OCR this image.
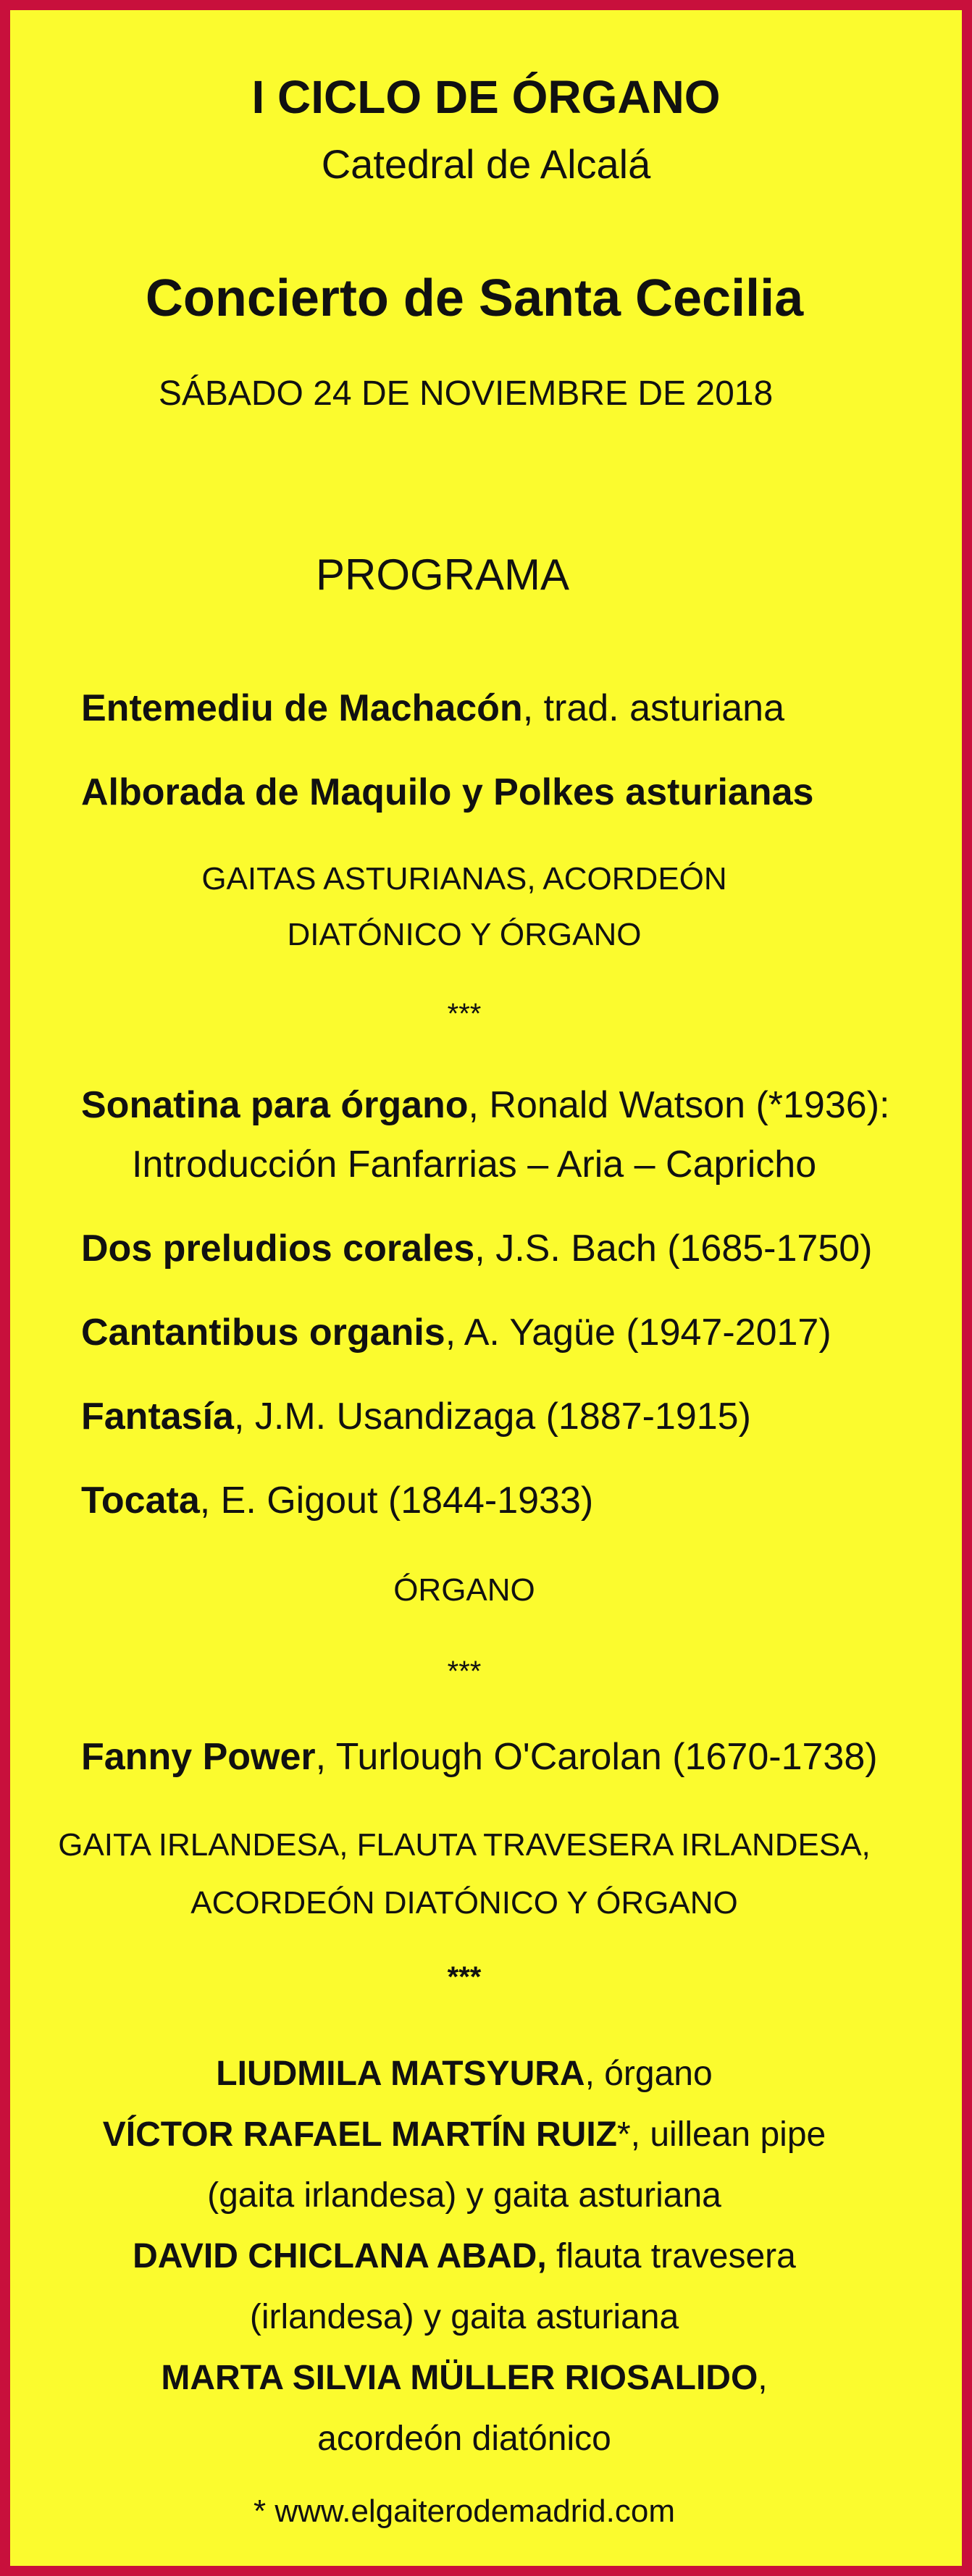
I CICLO DE ÓRGANO
Catedral de Alcalá
Concierto de Santa Cecilia
SÁBADO 24 DE NOVIEMBRE DE 2018
PROGRAMA
Entemediu de Machacón, trad. asturiana
Alborada de Maquilo y Polkes asturianas
GAITAS ASTURIANAS, ACORDEÓN
DIATÓNICO Y ÓRGANO
***
Sonatina para órgano, Ronald Watson (*1936):
Introducción Fanfarrias – Aria – Capricho
Dos preludios corales, J.S. Bach (1685-1750)
Cantantibus organis, A. Yagüe (1947-2017)
Fantasía, J.M. Usandizaga (1887-1915)
Tocata, E. Gigout (1844-1933)
ÓRGANO
***
Fanny Power, Turlough O'Carolan (1670-1738)
GAITA IRLANDESA, FLAUTA TRAVESERA IRLANDESA,
ACORDEÓN DIATÓNICO Y ÓRGANO
***
LIUDMILA MATSYURA, órgano
VÍCTOR RAFAEL MARTÍN RUIZ*, uillean pipe
(gaita irlandesa) y gaita asturiana
DAVID CHICLANA ABAD, flauta travesera
(irlandesa) y gaita asturiana
MARTA SILVIA MÜLLER RIOSALIDO,
acordeón diatónico
* www.elgaiterodemadrid.com
